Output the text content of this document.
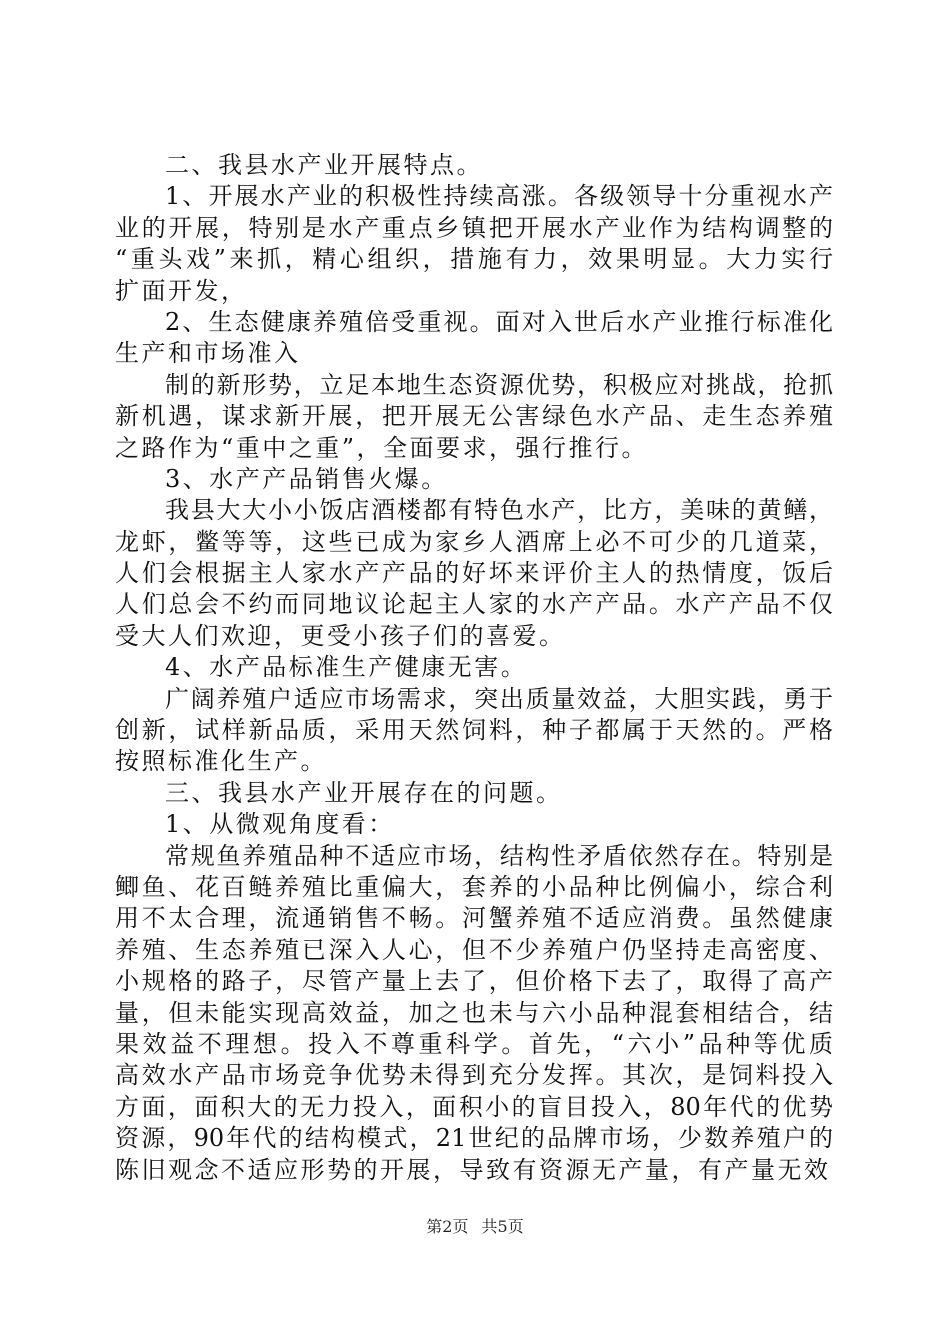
二、我县水产业开展特点。
1、开展水产业的积极性持续高涨。各级领导十分重视水产
业的开展，特别是水产重点乡镇把开展水产业作为结构调整的
“重头戏”来抓，精心组织，措施有力，效果明显。大力实行
扩面开发，
2、生态健康养殖倍受重视。面对入世后水产业推行标准化
生产和市场准入
制的新形势，立足本地生态资源优势，积极应对挑战，抢抓
新机遇，谋求新开展，把开展无公害绿色水产品、走生态养殖
之路作为“重中之重”，全面要求，强行推行。
3、水产产品销售火爆。
我县大大小小饭店酒楼都有特色水产，比方，美味的黄鳝，
龙虾，鳖等等，这些已成为家乡人酒席上必不可少的几道菜，
人们会根据主人家水产产品的好坏来评价主人的热情度，饭后
人们总会不约而同地议论起主人家的水产产品。水产产品不仅
受大人们欢迎，更受小孩子们的喜爱。
4、水产品标准生产健康无害。
广阔养殖户适应市场需求，突出质量效益，大胆实践，勇于
创新，试样新品质，采用天然饲料，种子都属于天然的。严格
按照标准化生产。
三、我县水产业开展存在的问题。
1、从微观角度看：
常规鱼养殖品种不适应市场，结构性矛盾依然存在。特别是
鲫鱼、花百鲢养殖比重偏大，套养的小品种比例偏小，综合利
用不太合理，流通销售不畅。河蟹养殖不适应消费。虽然健康
养殖、生态养殖已深入人心，但不少养殖户仍坚持走高密度、
小规格的路子，尽管产量上去了，但价格下去了，取得了高产
量，但未能实现高效益，加之也未与六小品种混套相结合，结
果效益不理想。投入不尊重科学。首先，“六小”品种等优质
高效水产品市场竞争优势未得到充分发挥。其次，是饲料投入
方面，面积大的无力投入，面积小的盲目投入，80年代的优势
资源，90年代的结构模式，21世纪的品牌市场，少数养殖户的
陈旧观念不适应形势的开展，导致有资源无产量，有产量无效
第2页 共5页
